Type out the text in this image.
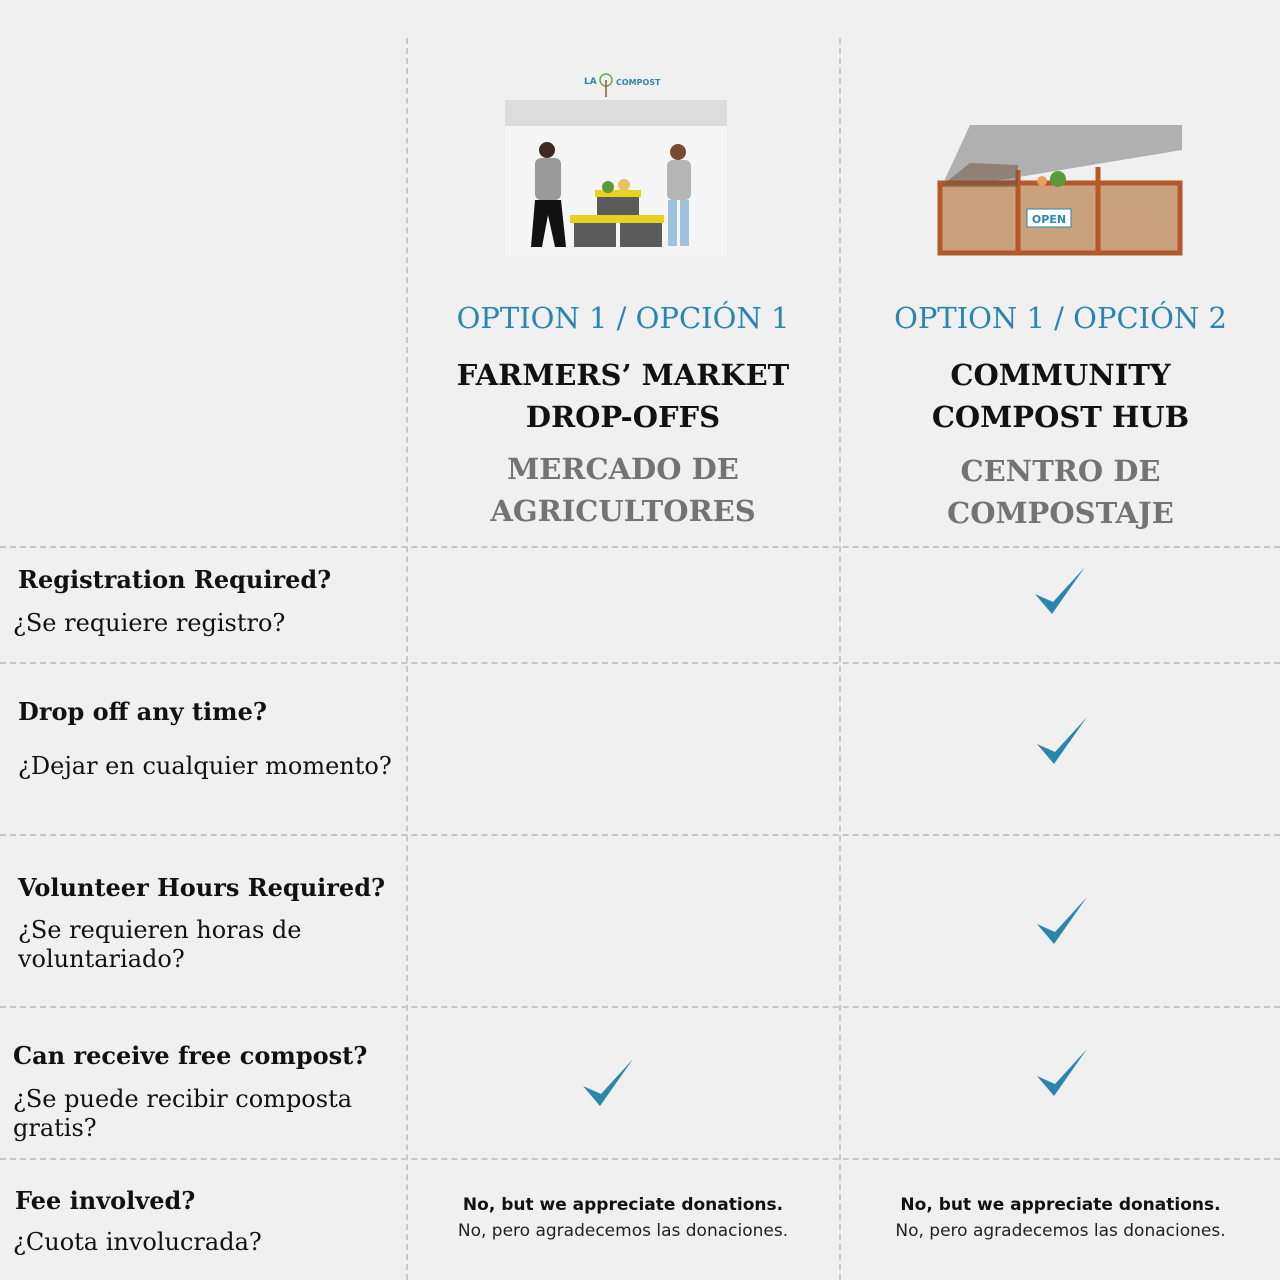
LA COMPOST
OPEN
OPTION 1 / OPCIÓN 1
FARMERS’ MARKET
DROP-OFFS
MERCADO DE
AGRICULTORES
OPTION 1 / OPCIÓN 2
COMMUNITY
COMPOST HUB
CENTRO DE
COMPOSTAJE
Registration Required?
¿Se requiere registro?
Drop off any time?
¿Dejar en cualquier momento?
Volunteer Hours Required?
¿Se requieren horas de voluntariado?
Can receive free compost?
¿Se puede recibir composta gratis?
Fee involved?
¿Cuota involucrada?
No, but we appreciate donations.
No, pero agradecemos las donaciones.
No, but we appreciate donations.
No, pero agradecemos las donaciones.
